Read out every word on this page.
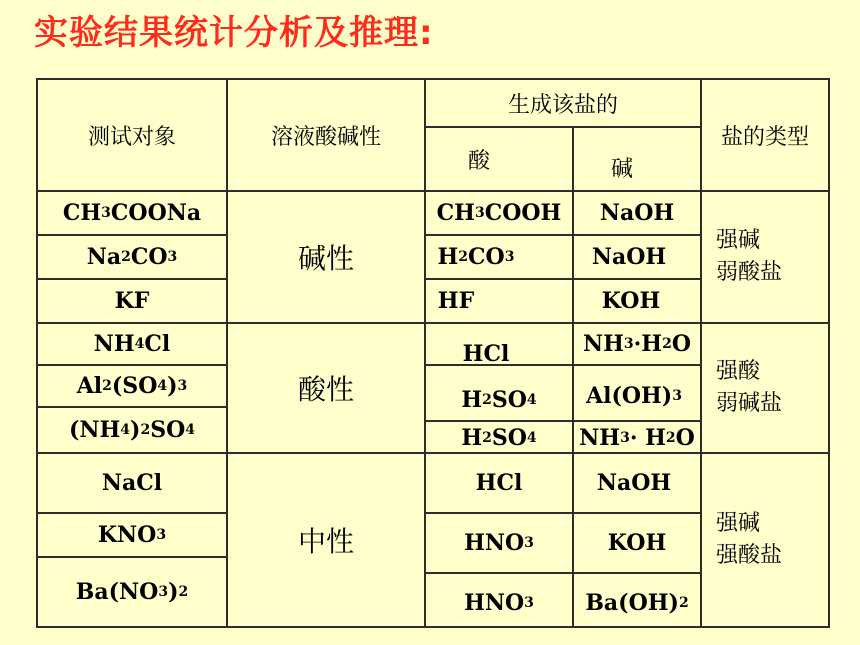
实验结果统计分析及推理:
测试对象	溶液酸碱性
生成该盐的
酸	碱
盐的类型
CH 3 COONa
Na 2 CO 3
KF
碱性
CH 3 COOH
H 2 CO 3
HF
NaOH
NaOH
KOH
强碱
弱酸盐
NH 4 Cl
Al 2 (SO 4 ) 3
(NH 4 ) 2 SO 4
酸性
HCl
H 2 SO 4
H 2 SO 4
NH 3 ·H 2 O
Al(OH) 3
NH 3 · H 2 O
强酸
弱碱盐
NaCl
KNO 3
Ba(NO 3 ) 2
中性
HCl
HNO 3
HNO 3
NaOH
KOH
Ba(OH) 2
强碱
强酸盐
